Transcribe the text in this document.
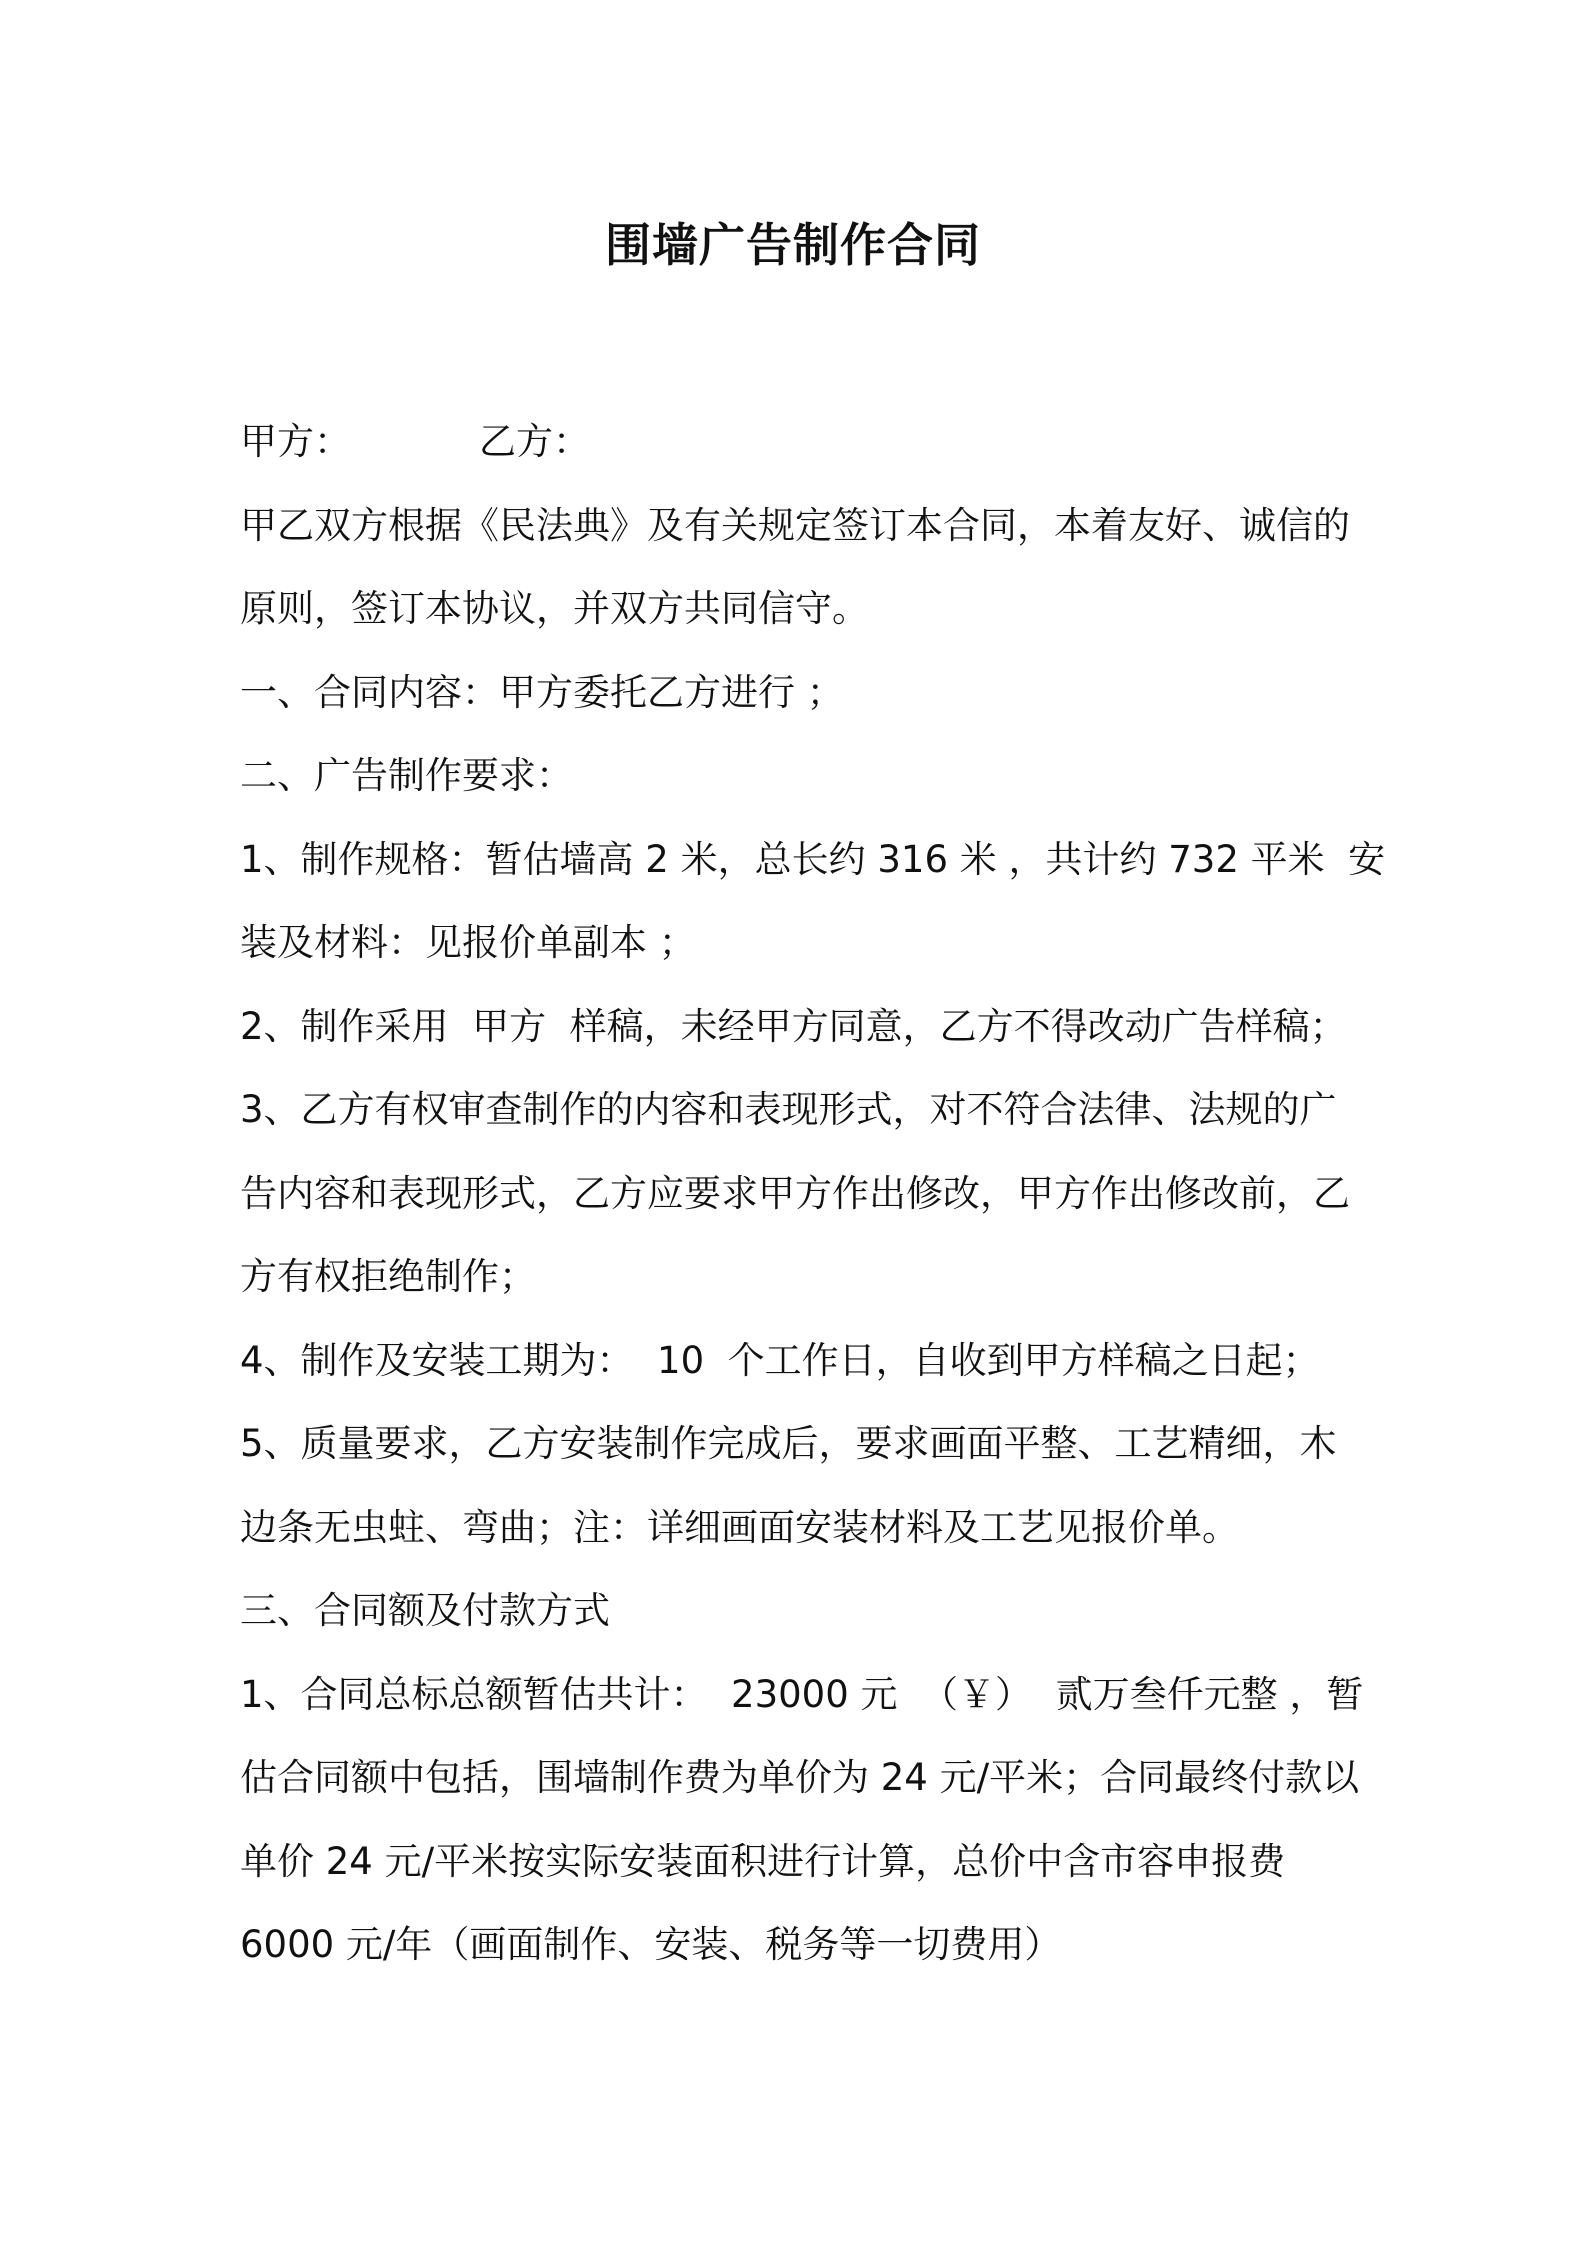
围墙广告制作合同
甲方：	乙方：
甲乙双方根据《民法典》及有关规定签订本合同，本着友好、诚信的
原则，签订本协议，并双方共同信守。
一、合同内容：甲方委托乙方进行 ；
二、广告制作要求：
1、制作规格：暂估墙高 2 米，总长约 316 米 ，共计约 732 平米  安
装及材料：见报价单副本 ；
2、制作采用  甲方  样稿，未经甲方同意，乙方不得改动广告样稿；
3、乙方有权审查制作的内容和表现形式，对不符合法律、法规的广
告内容和表现形式，乙方应要求甲方作出修改，甲方作出修改前，乙
方有权拒绝制作；
4、制作及安装工期为：  10  个工作日，自收到甲方样稿之日起；
5、质量要求，乙方安装制作完成后，要求画面平整、工艺精细，木
边条无虫蛀、弯曲；注：详细画面安装材料及工艺见报价单。
三、合同额及付款方式
1、合同总标总额暂估共计：  23000 元  （￥）  贰万叁仟元整 ，暂
估合同额中包括，围墙制作费为单价为 24 元/平米；合同最终付款以
单价 24 元/平米按实际安装面积进行计算，总价中含市容申报费
6000 元/年（画面制作、安装、税务等一切费用）
